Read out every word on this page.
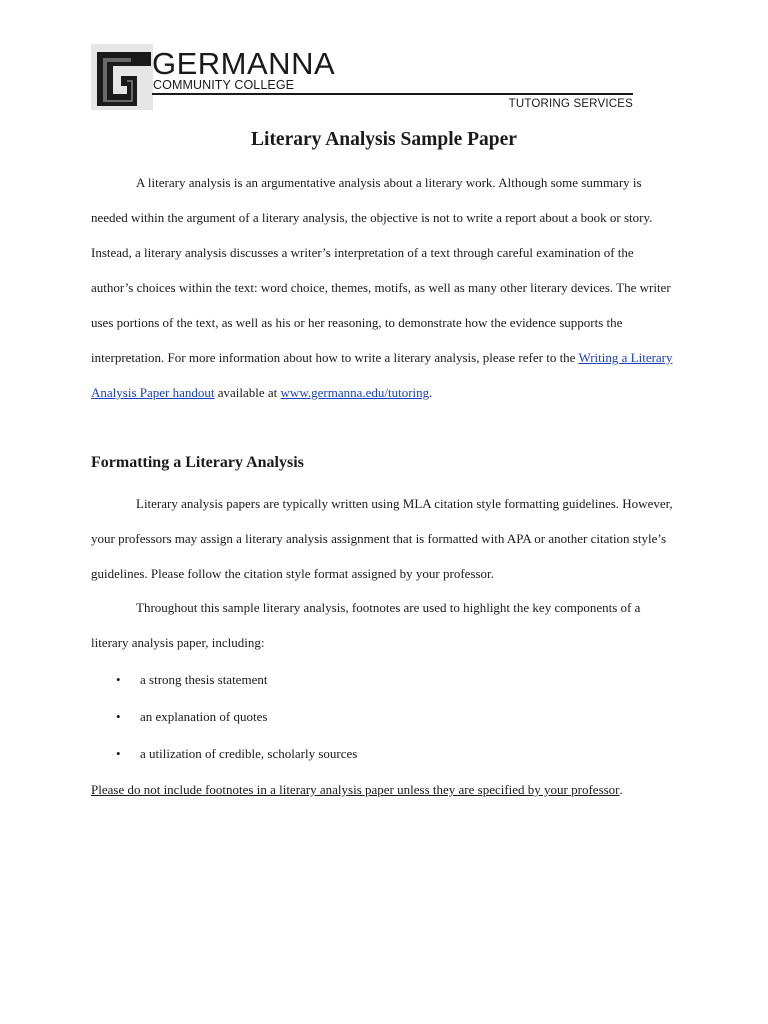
GERMANNA
COMMUNITY COLLEGE
TUTORING SERVICES
Literary Analysis Sample Paper

A literary analysis is an argumentative analysis about a literary work. Although some summary is needed within the argument of a literary analysis, the objective is not to write a report about a book or story. Instead, a literary analysis discusses a writer’s interpretation of a text through careful examination of the author’s choices within the text: word choice, themes, motifs, as well as many other literary devices. The writer uses portions of the text, as well as his or her reasoning, to demonstrate how the evidence supports the interpretation. For more information about how to write a literary analysis, please refer to the Writing a Literary Analysis Paper handout available at www.germanna.edu/tutoring.

Formatting a Literary Analysis

Literary analysis papers are typically written using MLA citation style formatting guidelines. However, your professors may assign a literary analysis assignment that is formatted with APA or another citation style’s guidelines. Please follow the citation style format assigned by your professor.

Throughout this sample literary analysis, footnotes are used to highlight the key components of a literary analysis paper, including:

• a strong thesis statement
• an explanation of quotes
• a utilization of credible, scholarly sources

Please do not include footnotes in a literary analysis paper unless they are specified by your professor.
